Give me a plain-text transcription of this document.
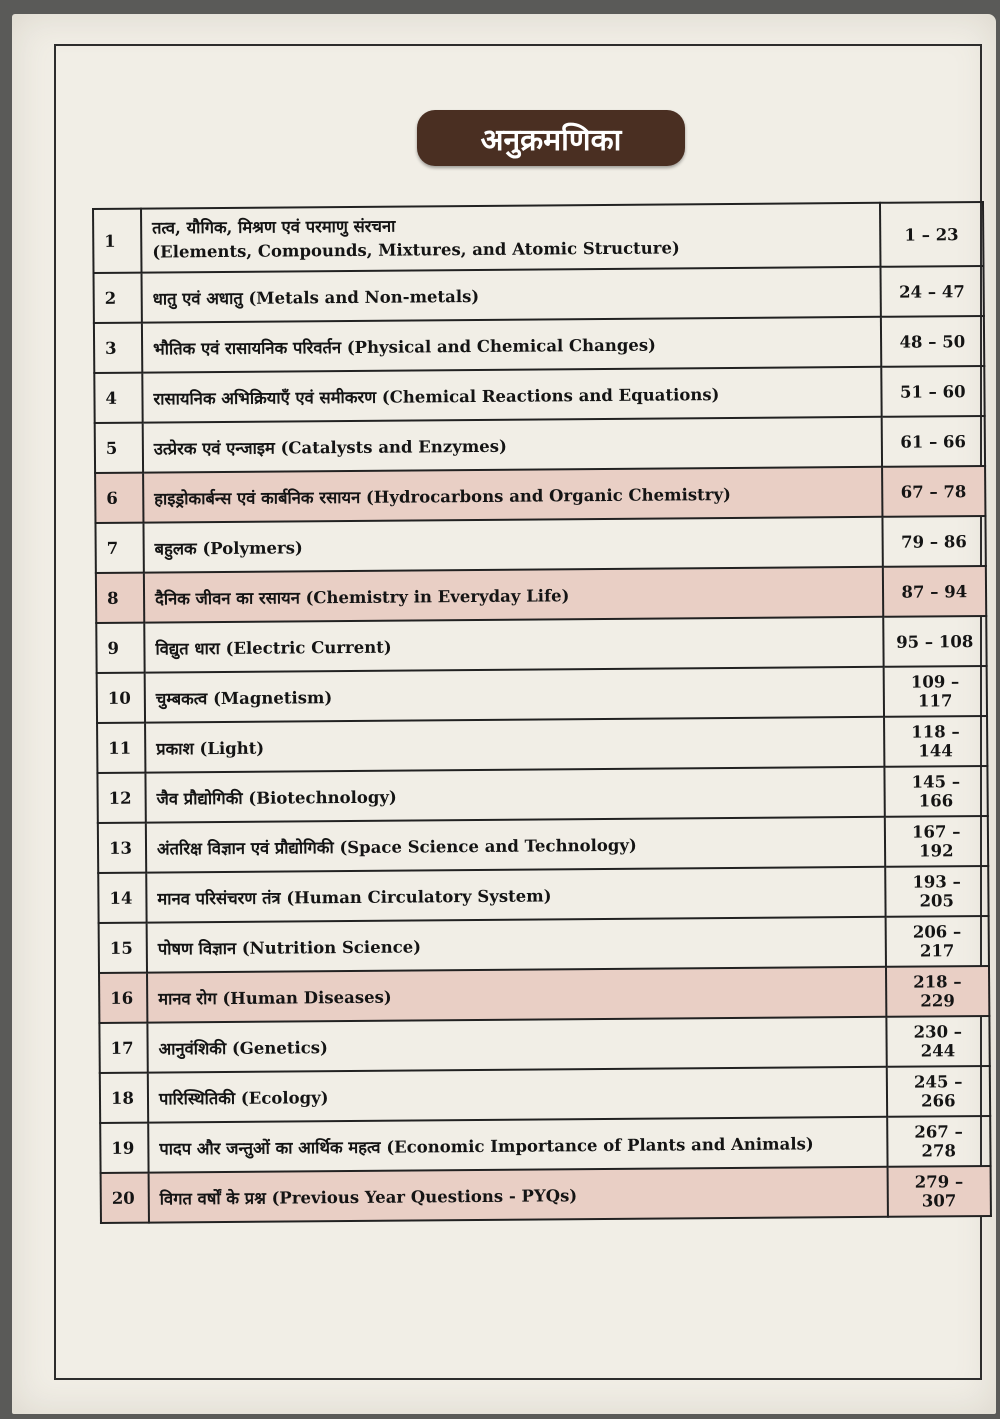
अनुक्रमणिका
1	तत्व, यौगिक, मिश्रण एवं परमाणु संरचना
(Elements, Compounds, Mixtures, and Atomic Structure)	1 – 23
2	धातु एवं अधातु (Metals and Non-metals)	24 – 47
3	भौतिक एवं रासायनिक परिवर्तन (Physical and Chemical Changes)	48 – 50
4	रासायनिक अभिक्रियाएँ एवं समीकरण (Chemical Reactions and Equations)	51 – 60
5	उत्प्रेरक एवं एन्जाइम (Catalysts and Enzymes)	61 – 66
6	हाइड्रोकार्बन्स एवं कार्बनिक रसायन (Hydrocarbons and Organic Chemistry)	67 – 78
7	बहुलक (Polymers)	79 – 86
8	दैनिक जीवन का रसायन (Chemistry in Everyday Life)	87 – 94
9	विद्युत धारा (Electric Current)	95 – 108
10	चुम्बकत्व (Magnetism)	109 – 117
11	प्रकाश (Light)	118 – 144
12	जैव प्रौद्योगिकी (Biotechnology)	145 – 166
13	अंतरिक्ष विज्ञान एवं प्रौद्योगिकी (Space Science and Technology)	167 – 192
14	मानव परिसंचरण तंत्र (Human Circulatory System)	193 – 205
15	पोषण विज्ञान (Nutrition Science)	206 – 217
16	मानव रोग (Human Diseases)	218 – 229
17	आनुवंशिकी (Genetics)	230 – 244
18	पारिस्थितिकी (Ecology)	245 – 266
19	पादप और जन्तुओं का आर्थिक महत्व (Economic Importance of Plants and Animals)	267 – 278
20	विगत वर्षों के प्रश्न (Previous Year Questions - PYQs)	279 – 307
